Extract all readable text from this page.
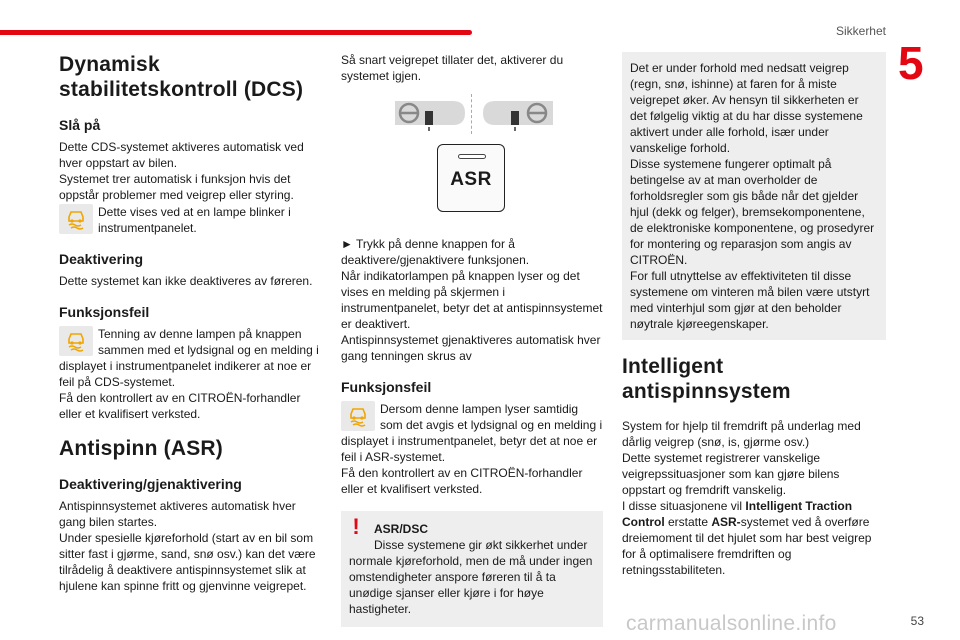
Sikkerhet
5
Dynamisk stabilitetskontroll (DCS)
Slå på

Dette CDS-systemet aktiveres automatisk ved hver oppstart av bilen.

Systemet trer automatisk i funksjon hvis det oppstår problemer med veigrep eller styring.

Dette vises ved at en lampe blinker i instrumentpanelet.

Deaktivering

Dette systemet kan ikke deaktiveres av føreren.

Funksjonsfeil

Tenning av denne lampen på knappen sammen med et lydsignal og en melding i

displayet i instrumentpanelet indikerer at noe er feil på CDS-systemet.

Få den kontrollert av en CITROËN-forhandler eller et kvalifisert verksted.

Antispinn (ASR)
Deaktivering/gjenaktivering

Antispinnsystemet aktiveres automatisk hver gang bilen startes.

Under spesielle kjøreforhold (start av en bil som sitter fast i gjørme, sand, snø osv.) kan det være tilrådelig å deaktivere antispinnsystemet slik at hjulene kan spinne fritt og gjenvinne veigrepet.

Så snart veigrepet tillater det, aktiverer du systemet igjen.

ASR

► Trykk på denne knappen for å deaktivere/gjenaktivere funksjonen.

Når indikatorlampen på knappen lyser og det vises en melding på skjermen i instrumentpanelet, betyr det at antispinnsystemet er deaktivert.

Antispinnsystemet gjenaktiveres automatisk hver gang tenningen skrus av

Funksjonsfeil

Dersom denne lampen lyser samtidig som det avgis et lydsignal og en melding i

displayet i instrumentpanelet, betyr det at noe er feil i ASR-systemet.

Få den kontrollert av en CITROËN-forhandler eller et kvalifisert verksted.

!	ASR/DSC

Disse systemene gir økt sikkerhet under

normale kjøreforhold, men de må under ingen omstendigheter anspore føreren til å ta unødige sjanser eller kjøre i for høye hastigheter.

Det er under forhold med nedsatt veigrep (regn, snø, ishinne) at faren for å miste veigrepet øker. Av hensyn til sikkerheten er det følgelig viktig at du har disse systemene aktivert under alle forhold, især under vanskelige forhold.

Disse systemene fungerer optimalt på betingelse av at man overholder de forholdsregler som gis både når det gjelder hjul (dekk og felger), bremsekomponentene, de elektroniske komponentene, og prosedyrer for montering og reparasjon som angis av CITROËN.

For full utnyttelse av effektiviteten til disse systemene om vinteren må bilen være utstyrt med vinterhjul som gjør at den beholder nøytrale kjøreegenskaper.

Intelligent antispinnsystem

System for hjelp til fremdrift på underlag med dårlig veigrep (snø, is, gjørme osv.)

Dette systemet registrerer vanskelige veigrepssituasjoner som kan gjøre bilens oppstart og fremdrift vanskelig.

I disse situasjonene vil Intelligent Traction Control erstatte ASR-systemet ved å overføre dreiemoment til det hjulet som har best veigrep for å optimalisere fremdriften og retningsstabiliteten.

carmanualsonline.info	53
